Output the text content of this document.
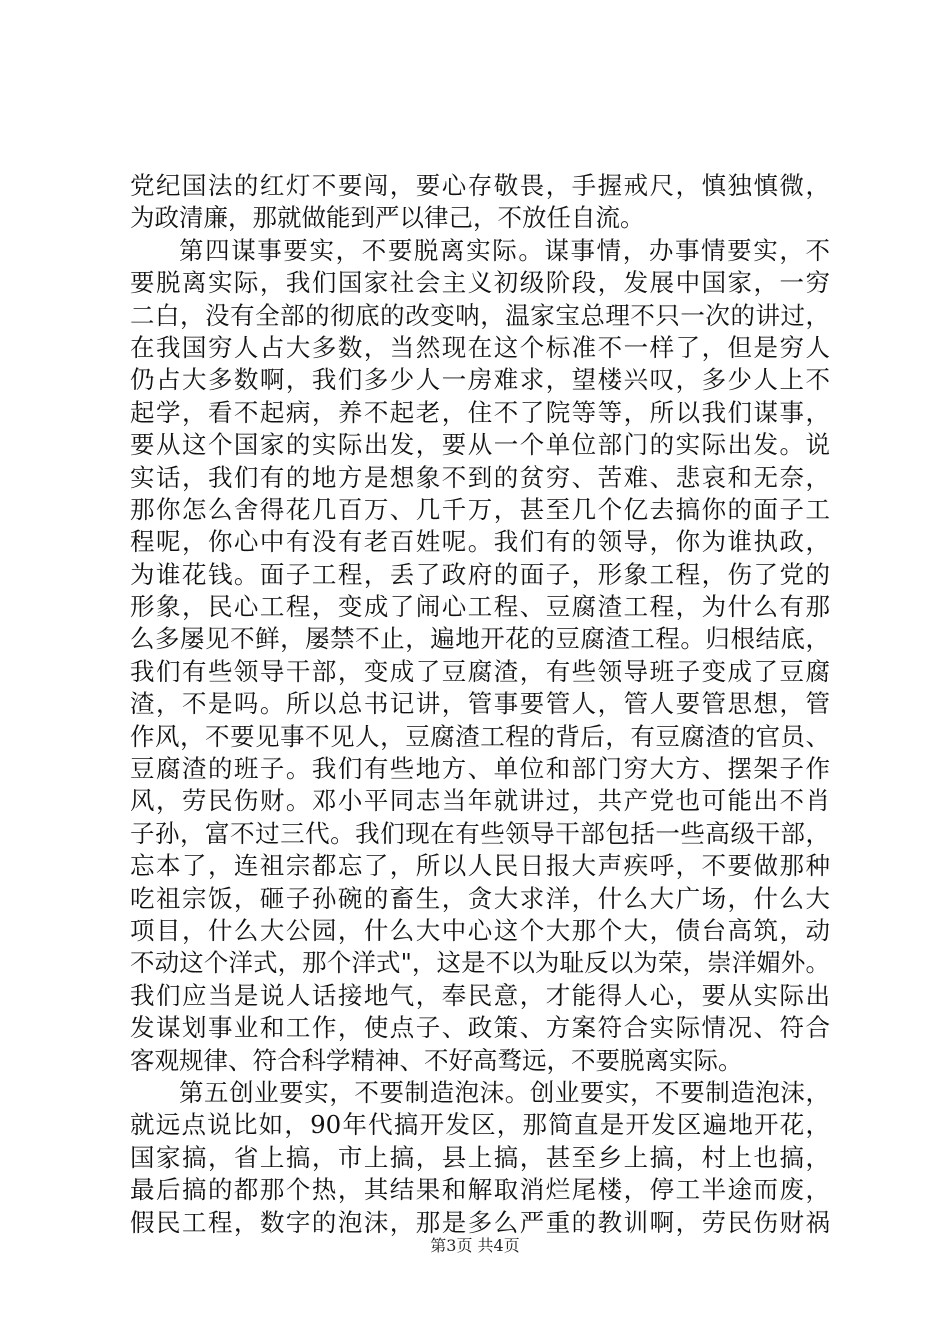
党纪国法的红灯不要闯，要心存敬畏，手握戒尺，慎独慎微，
为政清廉，那就做能到严以律己，不放任自流。
第四谋事要实，不要脱离实际。谋事情，办事情要实，不
要脱离实际，我们国家社会主义初级阶段，发展中国家，一穷
二白，没有全部的彻底的改变呐，温家宝总理不只一次的讲过，
在我国穷人占大多数，当然现在这个标准不一样了，但是穷人
仍占大多数啊，我们多少人一房难求，望楼兴叹，多少人上不
起学，看不起病，养不起老，住不了院等等，所以我们谋事，
要从这个国家的实际出发，要从一个单位部门的实际出发。说
实话，我们有的地方是想象不到的贫穷、苦难、悲哀和无奈，
那你怎么舍得花几百万、几千万，甚至几个亿去搞你的面子工
程呢，你心中有没有老百姓呢。我们有的领导，你为谁执政，
为谁花钱。面子工程，丢了政府的面子，形象工程，伤了党的
形象，民心工程，变成了闹心工程、豆腐渣工程，为什么有那
么多屡见不鲜，屡禁不止，遍地开花的豆腐渣工程。归根结底，
我们有些领导干部，变成了豆腐渣，有些领导班子变成了豆腐
渣，不是吗。所以总书记讲，管事要管人，管人要管思想，管
作风，不要见事不见人，豆腐渣工程的背后，有豆腐渣的官员、
豆腐渣的班子。我们有些地方、单位和部门穷大方、摆架子作
风，劳民伤财。邓小平同志当年就讲过，共产党也可能出不肖
子孙，富不过三代。我们现在有些领导干部包括一些高级干部，
忘本了，连祖宗都忘了，所以人民日报大声疾呼，不要做那种
吃祖宗饭，砸子孙碗的畜生，贪大求洋，什么大广场，什么大
项目，什么大公园，什么大中心这个大那个大，债台高筑，动
不动这个洋式，那个洋式"，这是不以为耻反以为荣，崇洋媚外。
我们应当是说人话接地气，奉民意，才能得人心，要从实际出
发谋划事业和工作，使点子、政策、方案符合实际情况、符合
客观规律、符合科学精神、不好高骛远，不要脱离实际。
第五创业要实，不要制造泡沫。创业要实，不要制造泡沫，
就远点说比如，90年代搞开发区，那简直是开发区遍地开花，
国家搞，省上搞，市上搞，县上搞，甚至乡上搞，村上也搞，
最后搞的都那个热，其结果和解取消烂尾楼，停工半途而废，
假民工程，数字的泡沫，那是多么严重的教训啊，劳民伤财祸
第3页 共4页
